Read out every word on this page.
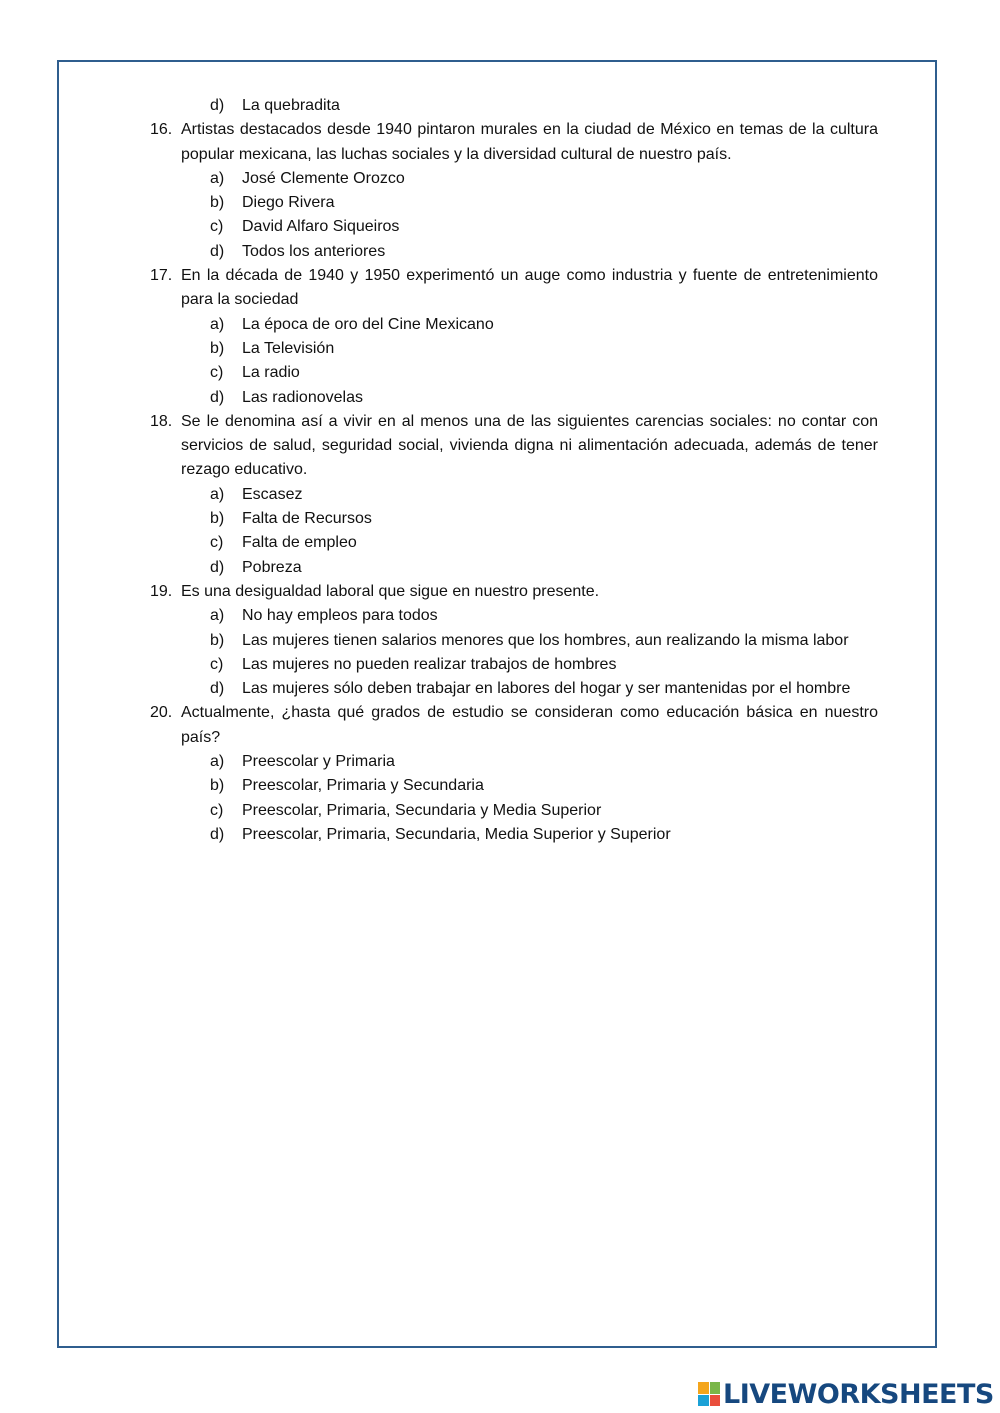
d)	La quebradita
16. Artistas destacados desde 1940 pintaron murales en la ciudad de México en temas de la cultura popular mexicana, las luchas sociales y la diversidad cultural de nuestro país.
a)	José Clemente Orozco
b)	Diego Rivera
c)	David Alfaro Siqueiros
d)	Todos los anteriores
17. En la década de 1940 y 1950 experimentó un auge como industria y fuente de entretenimiento para la sociedad
a)	La época de oro del Cine Mexicano
b)	La Televisión
c)	La radio
d)	Las radionovelas
18. Se le denomina así a vivir en al menos una de las siguientes carencias sociales: no contar con servicios de salud, seguridad social, vivienda digna ni alimentación adecuada, además de tener rezago educativo.
a)	Escasez
b)	Falta de Recursos
c)	Falta de empleo
d)	Pobreza
19. Es una desigualdad laboral que sigue en nuestro presente.
a)	No hay empleos para todos
b)	Las mujeres tienen salarios menores que los hombres, aun realizando la misma labor
c)	Las mujeres no pueden realizar trabajos de hombres
d)	Las mujeres sólo deben trabajar en labores del hogar y ser mantenidas por el hombre
20. Actualmente, ¿hasta qué grados de estudio se consideran como educación básica en nuestro país?
a)	Preescolar y Primaria
b)	Preescolar, Primaria y Secundaria
c)	Preescolar, Primaria, Secundaria y Media Superior
d)	Preescolar, Primaria, Secundaria, Media Superior y Superior
LIVEWORKSHEETS
